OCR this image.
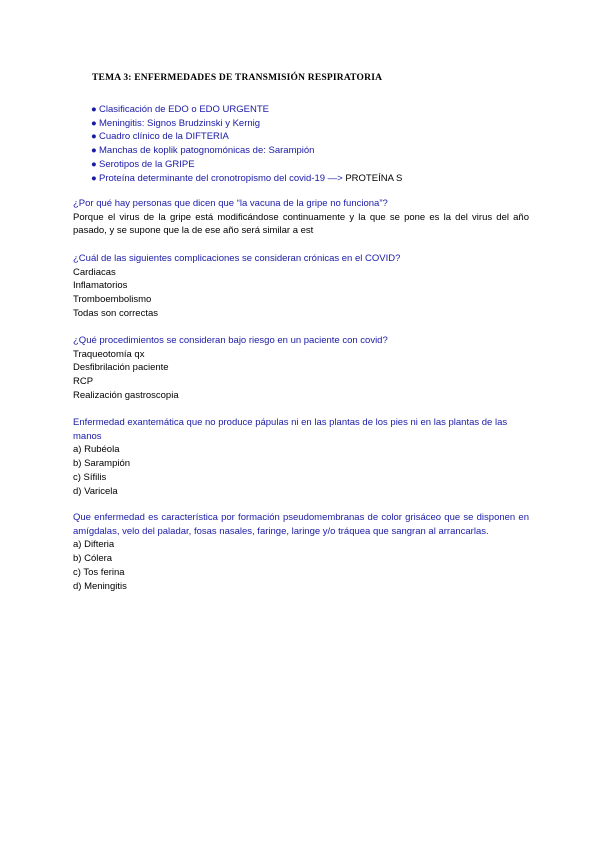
TEMA 3: ENFERMEDADES DE TRANSMISIÓN RESPIRATORIA
● Clasificación de EDO o EDO URGENTE
● Meningitis: Signos Brudzinski y Kernig
● Cuadro clínico de la DIFTERIA
● Manchas de koplik patognomónicas de: Sarampión
● Serotipos de la GRIPE
● Proteína determinante del cronotropismo del covid-19 —> PROTEÍNA S
¿Por qué hay personas que dicen que “la vacuna de la gripe no funciona”?
Porque el virus de la gripe está modificándose continuamente y la que se pone es la del virus del año pasado, y se supone que la de ese año será similar a est
¿Cuál de las siguientes complicaciones se consideran crónicas en el COVID?
Cardiacas
Inflamatorios
Tromboembolismo
Todas son correctas
¿Qué procedimientos se consideran bajo riesgo en un paciente con covid?
Traqueotomía qx
Desfibrilación paciente
RCP
Realización gastroscopia
Enfermedad exantemática que no produce pápulas ni en las plantas de los pies ni en las plantas de las manos
a) Rubéola
b) Sarampión
c) Sífilis
d) Varicela
Que enfermedad es característica por formación pseudomembranas de color grisáceo que se disponen en amígdalas, velo del paladar, fosas nasales, faringe, laringe y/o tráquea que sangran al arrancarlas.
a) Difteria
b) Cólera
c) Tos ferina
d) Meningitis
